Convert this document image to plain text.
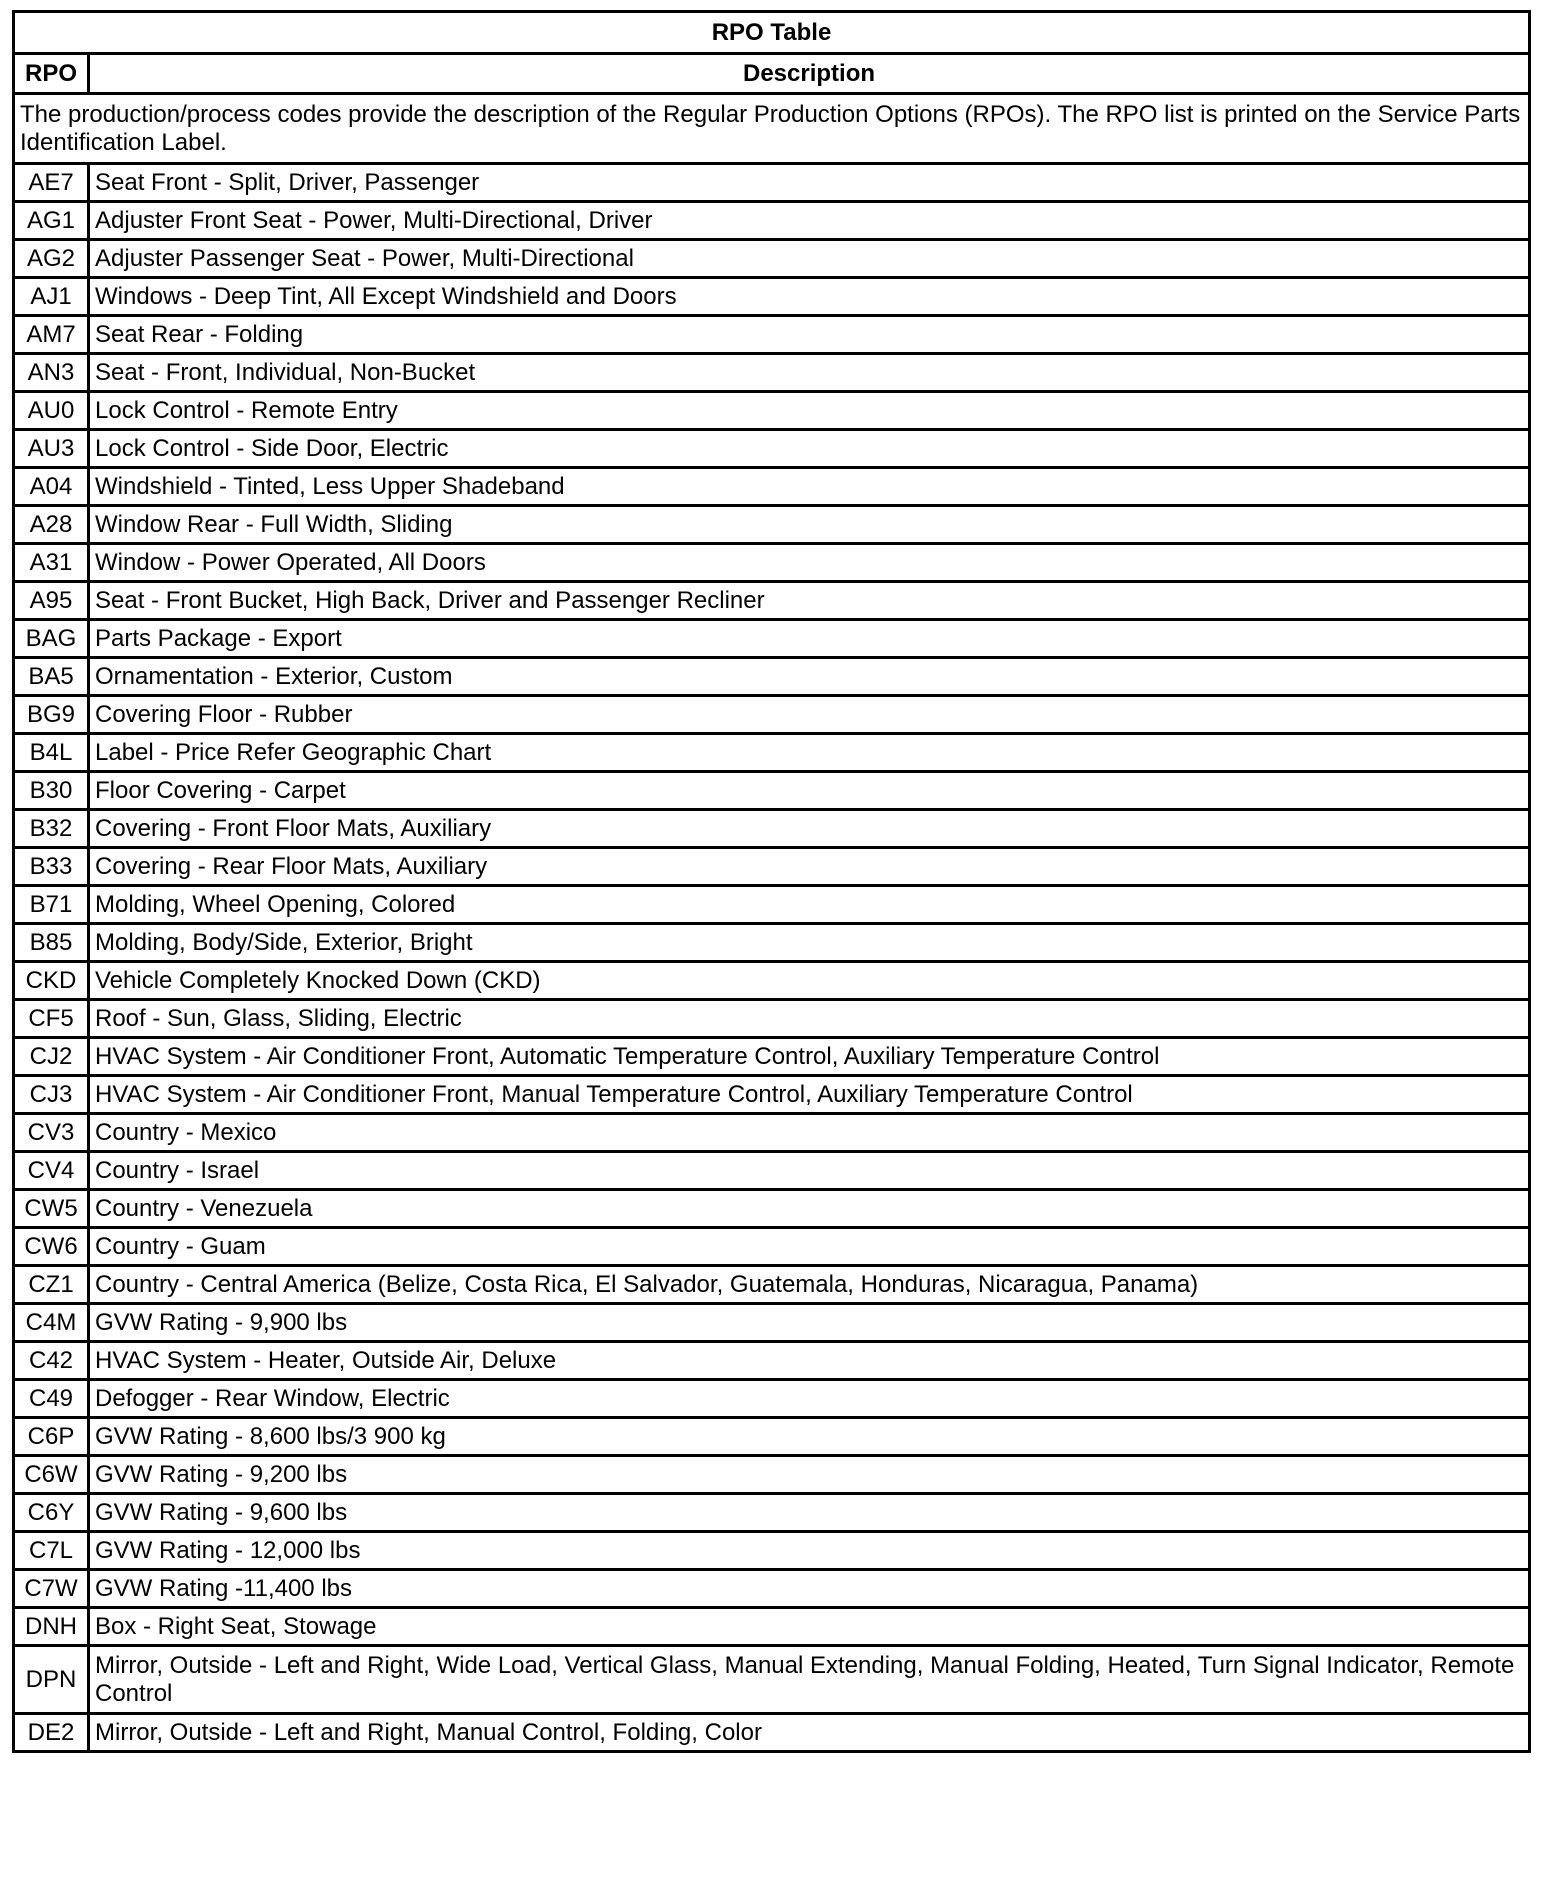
RPO Table	
RPO	Description
The production/process codes provide the description of the Regular Production Options (RPOs). The RPO list is printed on the Service Parts Identification Label.	
AE7	Seat Front - Split, Driver, Passenger
AG1	Adjuster Front Seat - Power, Multi-Directional, Driver
AG2	Adjuster Passenger Seat - Power, Multi-Directional
AJ1	Windows - Deep Tint, All Except Windshield and Doors
AM7	Seat Rear - Folding
AN3	Seat - Front, Individual, Non-Bucket
AU0	Lock Control - Remote Entry
AU3	Lock Control - Side Door, Electric
A04	Windshield - Tinted, Less Upper Shadeband
A28	Window Rear - Full Width, Sliding
A31	Window - Power Operated, All Doors
A95	Seat - Front Bucket, High Back, Driver and Passenger Recliner
BAG	Parts Package - Export
BA5	Ornamentation - Exterior, Custom
BG9	Covering Floor - Rubber
B4L	Label - Price Refer Geographic Chart
B30	Floor Covering - Carpet
B32	Covering - Front Floor Mats, Auxiliary
B33	Covering - Rear Floor Mats, Auxiliary
B71	Molding, Wheel Opening, Colored
B85	Molding, Body/Side, Exterior, Bright
CKD	Vehicle Completely Knocked Down (CKD)
CF5	Roof - Sun, Glass, Sliding, Electric
CJ2	HVAC System - Air Conditioner Front, Automatic Temperature Control, Auxiliary Temperature Control
CJ3	HVAC System - Air Conditioner Front, Manual Temperature Control, Auxiliary Temperature Control
CV3	Country - Mexico
CV4	Country - Israel
CW5	Country - Venezuela
CW6	Country - Guam
CZ1	Country - Central America (Belize, Costa Rica, El Salvador, Guatemala, Honduras, Nicaragua, Panama)
C4M	GVW Rating - 9,900 lbs
C42	HVAC System - Heater, Outside Air, Deluxe
C49	Defogger - Rear Window, Electric
C6P	GVW Rating - 8,600 lbs/3 900 kg
C6W	GVW Rating - 9,200 lbs
C6Y	GVW Rating - 9,600 lbs
C7L	GVW Rating - 12,000 lbs
C7W	GVW Rating -11,400 lbs
DNH	Box - Right Seat, Stowage
DPN	Mirror, Outside - Left and Right, Wide Load, Vertical Glass, Manual Extending, Manual Folding, Heated, Turn Signal Indicator, Remote Control
DE2	Mirror, Outside - Left and Right, Manual Control, Folding, Color
